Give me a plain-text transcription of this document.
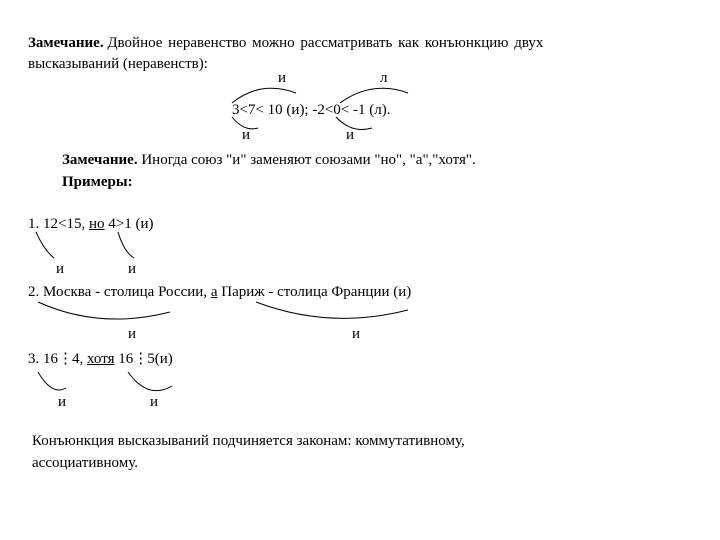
Замечание. Двойное неравенство можно рассматривать как конъюнкцию двух
высказываний (неравенств):
и	л
3<7< 10 (и); -2<0< -1 (л).
и	и
Замечание. Иногда союз "и" заменяют союзами "но", "а","хотя".
Примеры:
1. 12<15, но 4>1 (и)
и	и
2. Москва - столица России, а Париж - столица Франции (и)
и	и
3. 16⋮4, хотя 16⋮5(и)
и	и
Конъюнкция высказываний подчиняется законам: коммутативному,
ассоциативному.
